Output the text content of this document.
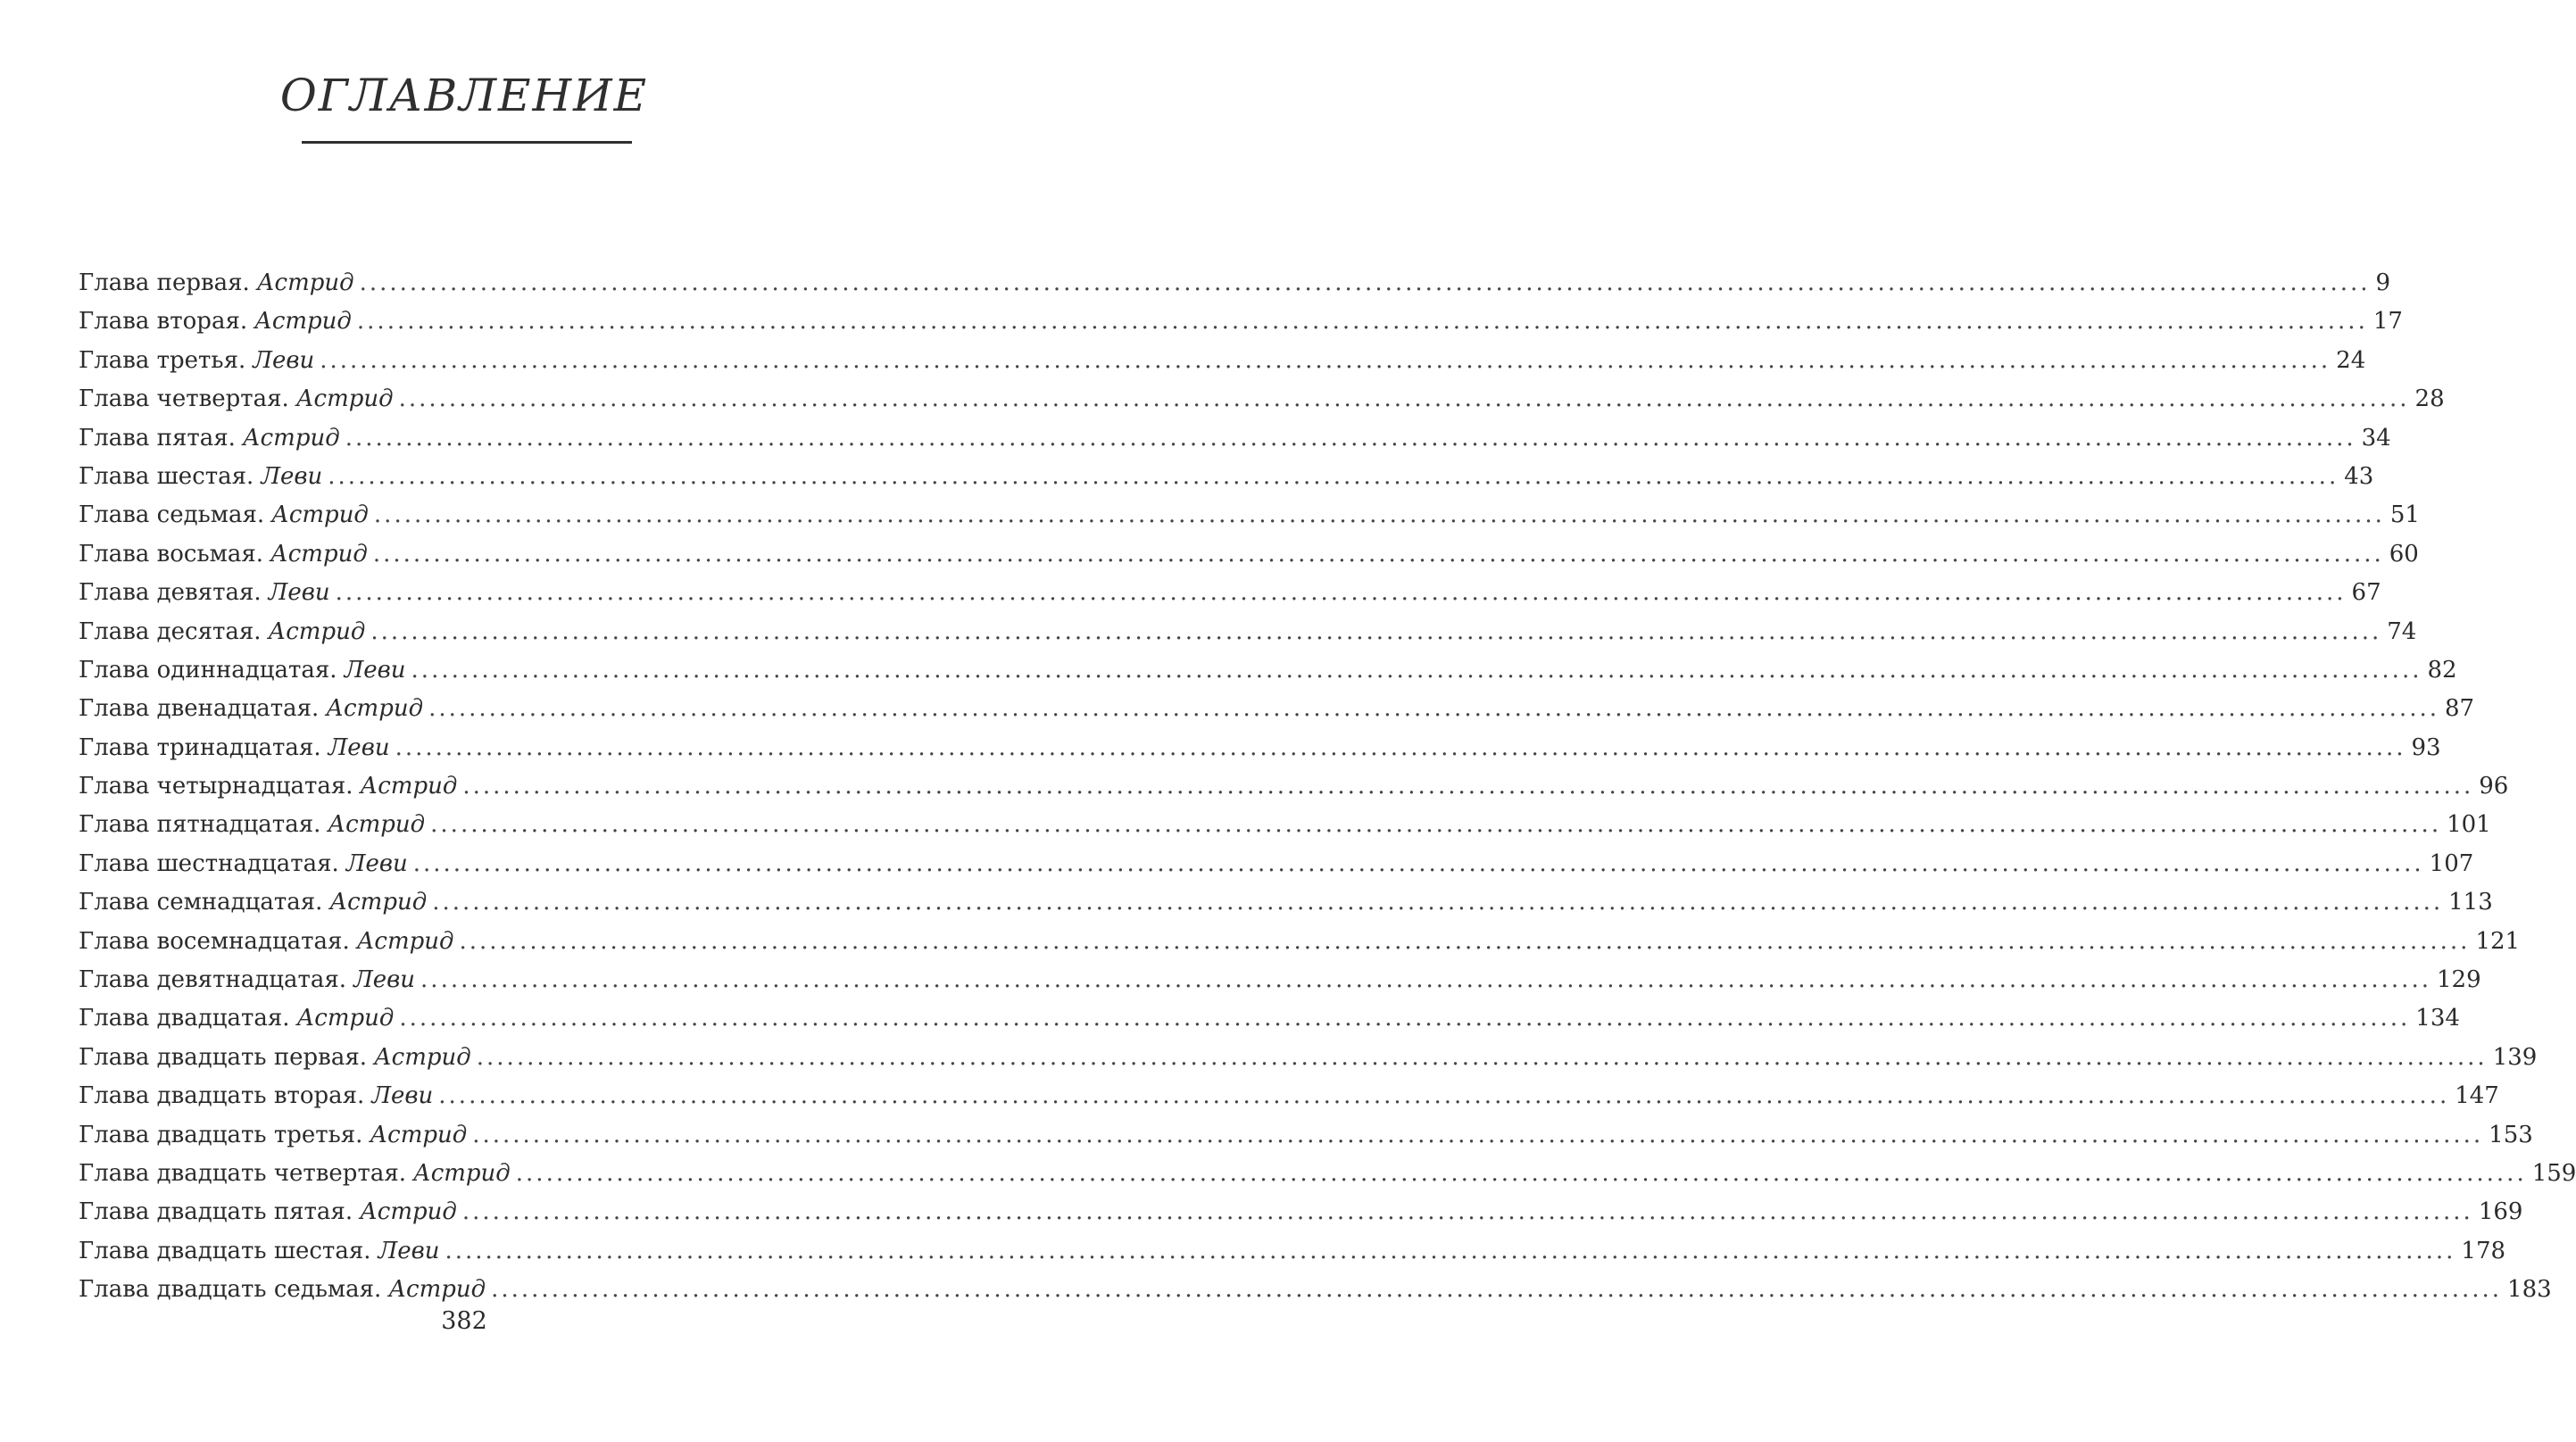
ОГЛАВЛЕНИЕ
Глава первая. Астрид ........................................................................................................................................................................................................ 9
Глава вторая. Астрид ........................................................................................................................................................................................................ 17
Глава третья. Леви ........................................................................................................................................................................................................ 24
Глава четвертая. Астрид ........................................................................................................................................................................................................ 28
Глава пятая. Астрид ........................................................................................................................................................................................................ 34
Глава шестая. Леви ........................................................................................................................................................................................................ 43
Глава седьмая. Астрид ........................................................................................................................................................................................................ 51
Глава восьмая. Астрид ........................................................................................................................................................................................................ 60
Глава девятая. Леви ........................................................................................................................................................................................................ 67
Глава десятая. Астрид ........................................................................................................................................................................................................ 74
Глава одиннадцатая. Леви ........................................................................................................................................................................................................ 82
Глава двенадцатая. Астрид ........................................................................................................................................................................................................ 87
Глава тринадцатая. Леви ........................................................................................................................................................................................................ 93
Глава четырнадцатая. Астрид ........................................................................................................................................................................................................ 96
Глава пятнадцатая. Астрид ........................................................................................................................................................................................................ 101
Глава шестнадцатая. Леви ........................................................................................................................................................................................................ 107
Глава семнадцатая. Астрид ........................................................................................................................................................................................................ 113
Глава восемнадцатая. Астрид ........................................................................................................................................................................................................ 121
Глава девятнадцатая. Леви ........................................................................................................................................................................................................ 129
Глава двадцатая. Астрид ........................................................................................................................................................................................................ 134
Глава двадцать первая. Астрид ........................................................................................................................................................................................................ 139
Глава двадцать вторая. Леви ........................................................................................................................................................................................................ 147
Глава двадцать третья. Астрид ........................................................................................................................................................................................................ 153
Глава двадцать четвертая. Астрид ........................................................................................................................................................................................................ 159
Глава двадцать пятая. Астрид ........................................................................................................................................................................................................ 169
Глава двадцать шестая. Леви ........................................................................................................................................................................................................ 178
Глава двадцать седьмая. Астрид ........................................................................................................................................................................................................ 183
382
